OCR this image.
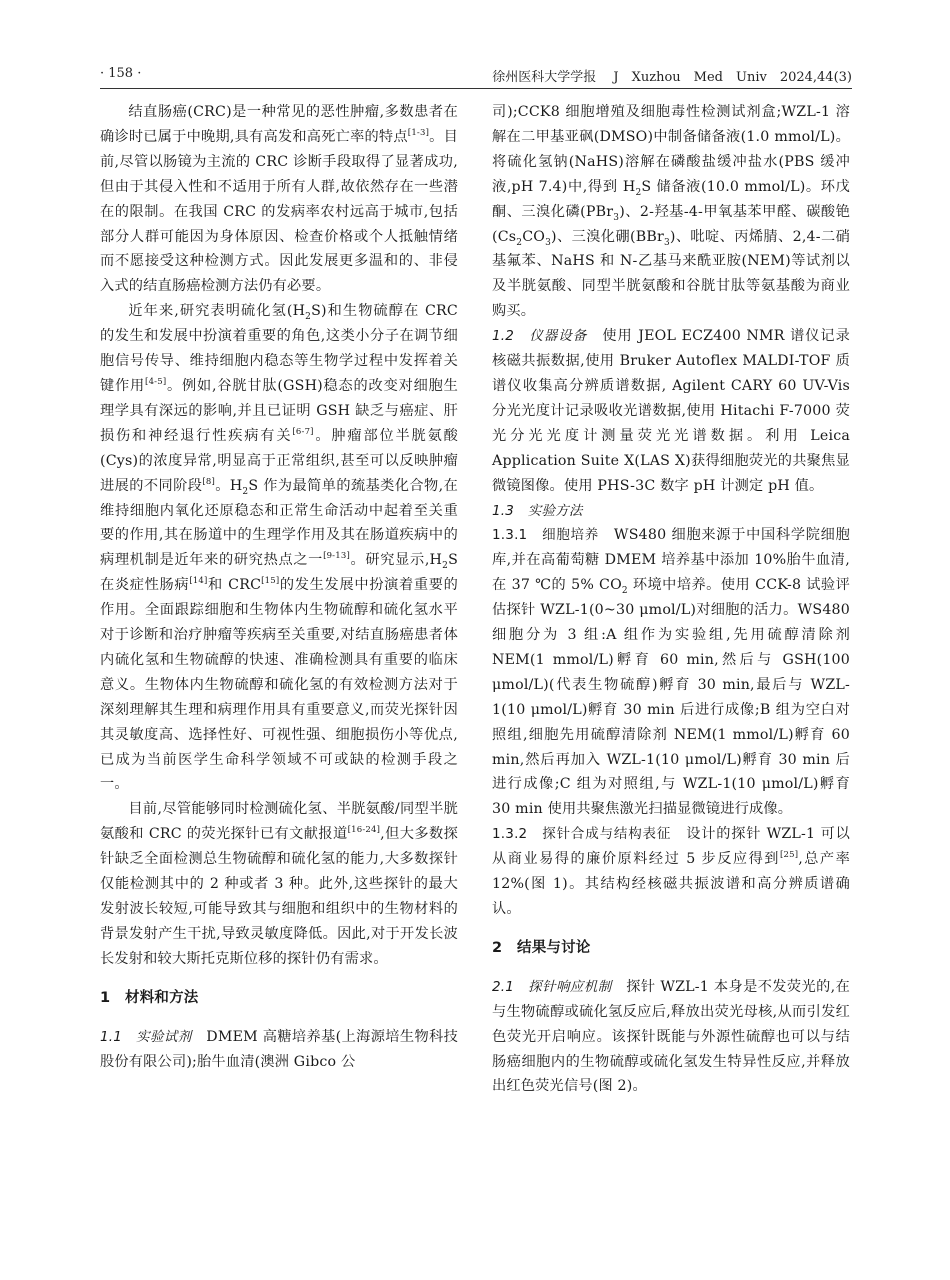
· 158 ·	徐州医科大学学报　 J　Xuzhou　Med　Univ　2024,44(3)

结直肠癌(CRC)是一种常见的恶性肿瘤,多数患者在确诊时已属于中晚期,具有高发和高死亡率的特点[1-3]。目前,尽管以肠镜为主流的 CRC 诊断手段取得了显著成功,但由于其侵入性和不适用于所有人群,故依然存在一些潜在的限制。在我国 CRC 的发病率农村远高于城市,包括部分人群可能因为身体原因、检查价格或个人抵触情绪而不愿接受这种检测方式。因此发展更多温和的、非侵入式的结直肠癌检测方法仍有必要。

近年来,研究表明硫化氢$(H_2S)$和生物硫醇在 CRC 的发生和发展中扮演着重要的角色,这类小分子在调节细胞信号传导、维持细胞内稳态等生物学过程中发挥着关键作用[4-5]。例如,谷胱甘肽(GSH)稳态的改变对细胞生理学具有深远的影响,并且已证明 GSH 缺乏与癌症、肝损伤和神经退行性疾病有关[6-7]。肿瘤部位半胱氨酸(Cys)的浓度异常,明显高于正常组织,甚至可以反映肿瘤进展的不同阶段[8]。$H_2S$ 作为最简单的巯基类化合物,在维持细胞内氧化还原稳态和正常生命活动中起着至关重要的作用,其在肠道中的生理学作用及其在肠道疾病中的病理机制是近年来的研究热点之一[9-13]。研究显示$,H_2S$ 在炎症性肠病[14]和 CRC[15]的发生发展中扮演着重要的作用。全面跟踪细胞和生物体内生物硫醇和硫化氢水平对于诊断和治疗肿瘤等疾病至关重要,对结直肠癌患者体内硫化氢和生物硫醇的快速、准确检测具有重要的临床意义。生物体内生物硫醇和硫化氢的有效检测方法对于深刻理解其生理和病理作用具有重要意义,而荧光探针因其灵敏度高、选择性好、可视性强、细胞损伤小等优点,已成为当前医学生命科学领域不可或缺的检测手段之一。

目前,尽管能够同时检测硫化氢、半胱氨酸/同型半胱氨酸和 CRC 的荧光探针已有文献报道[16-24],但大多数探针缺乏全面检测总生物硫醇和硫化氢的能力,大多数探针仅能检测其中的 2 种或者 3 种。此外,这些探针的最大发射波长较短,可能导致其与细胞和组织中的生物材料的背景发射产生干扰,导致灵敏度降低。因此,对于开发长波长发射和较大斯托克斯位移的探针仍有需求。

1　材料和方法

1.1　实验试剂　DMEM 高糖培养基(上海源培生物科技股份有限公司);胎牛血清(澳洲 Gibco 公

司);CCK8 细胞增殖及细胞毒性检测试剂盒;WZL-1 溶解在二甲基亚砜(DMSO)中制备储备液(1.0 mmol/L)。将硫化氢钠(NaHS)溶解在磷酸盐缓冲盐水(PBS 缓冲液,pH 7.4)中,得到 $H_2S$ 储备液(10.0 mmol/L)。环戊酮、三溴化磷(PBr$_3$)、2-羟基-4-甲氧基苯甲醛、碳酸铯$(Cs_2CO_3)$、三溴化硼(BBr$_3$)、吡啶、丙烯腈、2,4-二硝基氟苯、NaHS 和 N-乙基马来酰亚胺(NEM)等试剂以及半胱氨酸、同型半胱氨酸和谷胱甘肽等氨基酸为商业购买。

1.2　仪器设备　使用 JEOL ECZ400 NMR 谱仪记录核磁共振数据,使用 Bruker Autoflex MALDI-TOF 质谱仪收集高分辨质谱数据, Agilent CARY 60 UV-Vis 分光光度计记录吸收光谱数据,使用 Hitachi F-7000 荧光分光光度计测量荧光光谱数据。利用 Leica Application Suite X(LAS X)获得细胞荧光的共聚焦显微镜图像。使用 PHS-3C 数字 pH 计测定 pH 值。

1.3　实验方法

1.3.1　细胞培养　WS480 细胞来源于中国科学院细胞库,并在高葡萄糖 DMEM 培养基中添加 10%胎牛血清,在 37 ℃的 5% $CO_2$ 环境中培养。使用 CCK-8 试验评估探针 WZL-1(0~30 μmol/L)对细胞的活力。WS480 细胞分为 3 组:A 组作为实验组,先用硫醇清除剂 NEM(1 mmol/L)孵育 60 min,然后与 GSH(100 μmol/L)(代表生物硫醇)孵育 30 min,最后与 WZL-1(10 μmol/L)孵育 30 min 后进行成像;B 组为空白对照组,细胞先用硫醇清除剂 NEM(1 mmol/L)孵育 60 min,然后再加入 WZL-1(10 μmol/L)孵育 30 min 后进行成像;C 组为对照组,与 WZL-1(10 μmol/L)孵育 30 min 使用共聚焦激光扫描显微镜进行成像。

1.3.2　探针合成与结构表征　设计的探针 WZL-1 可以从商业易得的廉价原料经过 5 步反应得到[25],总产率 12%(图 1)。其结构经核磁共振波谱和高分辨质谱确认。

2　结果与讨论

2.1　探针响应机制　探针 WZL-1 本身是不发荧光的,在与生物硫醇或硫化氢反应后,释放出荧光母核,从而引发红色荧光开启响应。该探针既能与外源性硫醇也可以与结肠癌细胞内的生物硫醇或硫化氢发生特异性反应,并释放出红色荧光信号(图 2)。
